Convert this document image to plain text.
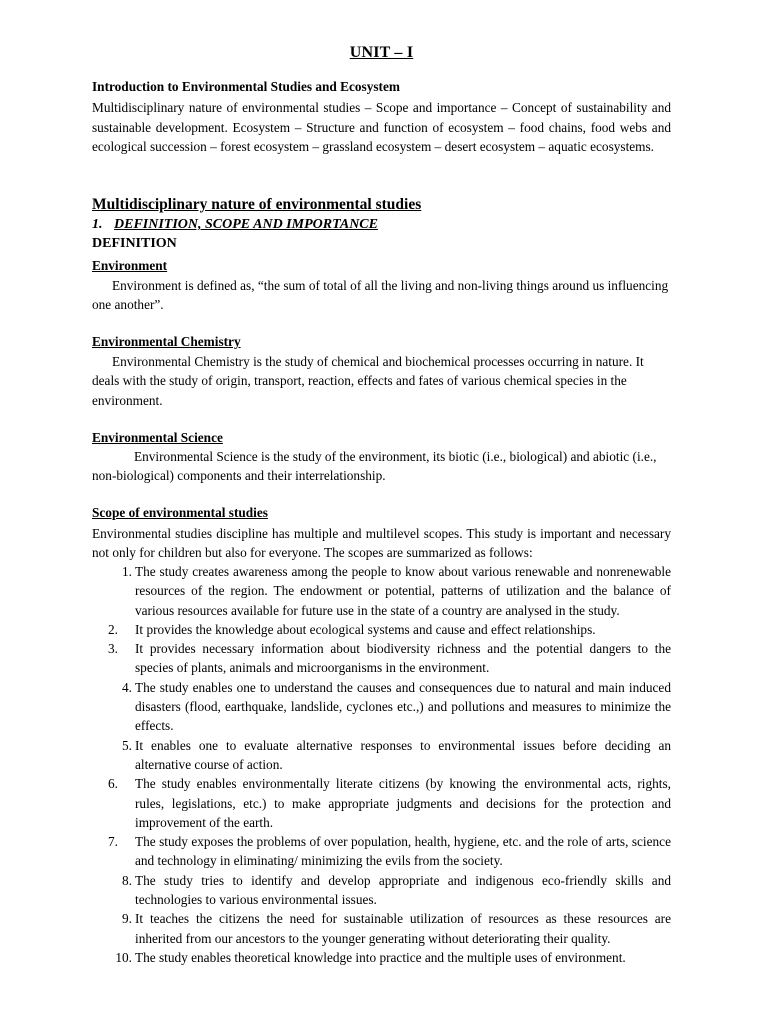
UNIT – I
Introduction to Environmental Studies and Ecosystem
Multidisciplinary nature of environmental studies – Scope and importance – Concept of sustainability and sustainable development. Ecosystem – Structure and function of ecosystem – food chains, food webs and ecological succession – forest ecosystem – grassland ecosystem – desert ecosystem – aquatic ecosystems.
Multidisciplinary nature of environmental studies
1. DEFINITION, SCOPE AND IMPORTANCE
DEFINITION
Environment
Environment is defined as, “the sum of total of all the living and non-living things around us influencing one another”.
Environmental Chemistry
Environmental Chemistry is the study of chemical and biochemical processes occurring in nature. It deals with the study of origin, transport, reaction, effects and fates of various chemical species in the environment.
Environmental Science
Environmental Science is the study of the environment, its biotic (i.e., biological) and abiotic (i.e., non-biological) components and their interrelationship.
Scope of environmental studies
Environmental studies discipline has multiple and multilevel scopes. This study is important and necessary not only for children but also for everyone. The scopes are summarized as follows:
1. The study creates awareness among the people to know about various renewable and nonrenewable resources of the region. The endowment or potential, patterns of utilization and the balance of various resources available for future use in the state of a country are analysed in the study.
2.	It provides the knowledge about ecological systems and cause and effect relationships.
3.	It provides necessary information about biodiversity richness and the potential dangers to the species of plants, animals and microorganisms in the environment.
4. The study enables one to understand the causes and consequences due to natural and main induced disasters (flood, earthquake, landslide, cyclones etc.,) and pollutions and measures to minimize the effects.
5. It enables one to evaluate alternative responses to environmental issues before deciding an alternative course of action.
6.	The study enables environmentally literate citizens (by knowing the environmental acts, rights, rules, legislations, etc.) to make appropriate judgments and decisions for the protection and improvement of the earth.
7.	The study exposes the problems of over population, health, hygiene, etc. and the role of arts, science and technology in eliminating/ minimizing the evils from the society.
8. The study tries to identify and develop appropriate and indigenous eco-friendly skills and technologies to various environmental issues.
9. It teaches the citizens the need for sustainable utilization of resources as these resources are inherited from our ancestors to the younger generating without deteriorating their quality.
10. The study enables theoretical knowledge into practice and the multiple uses of environment.
